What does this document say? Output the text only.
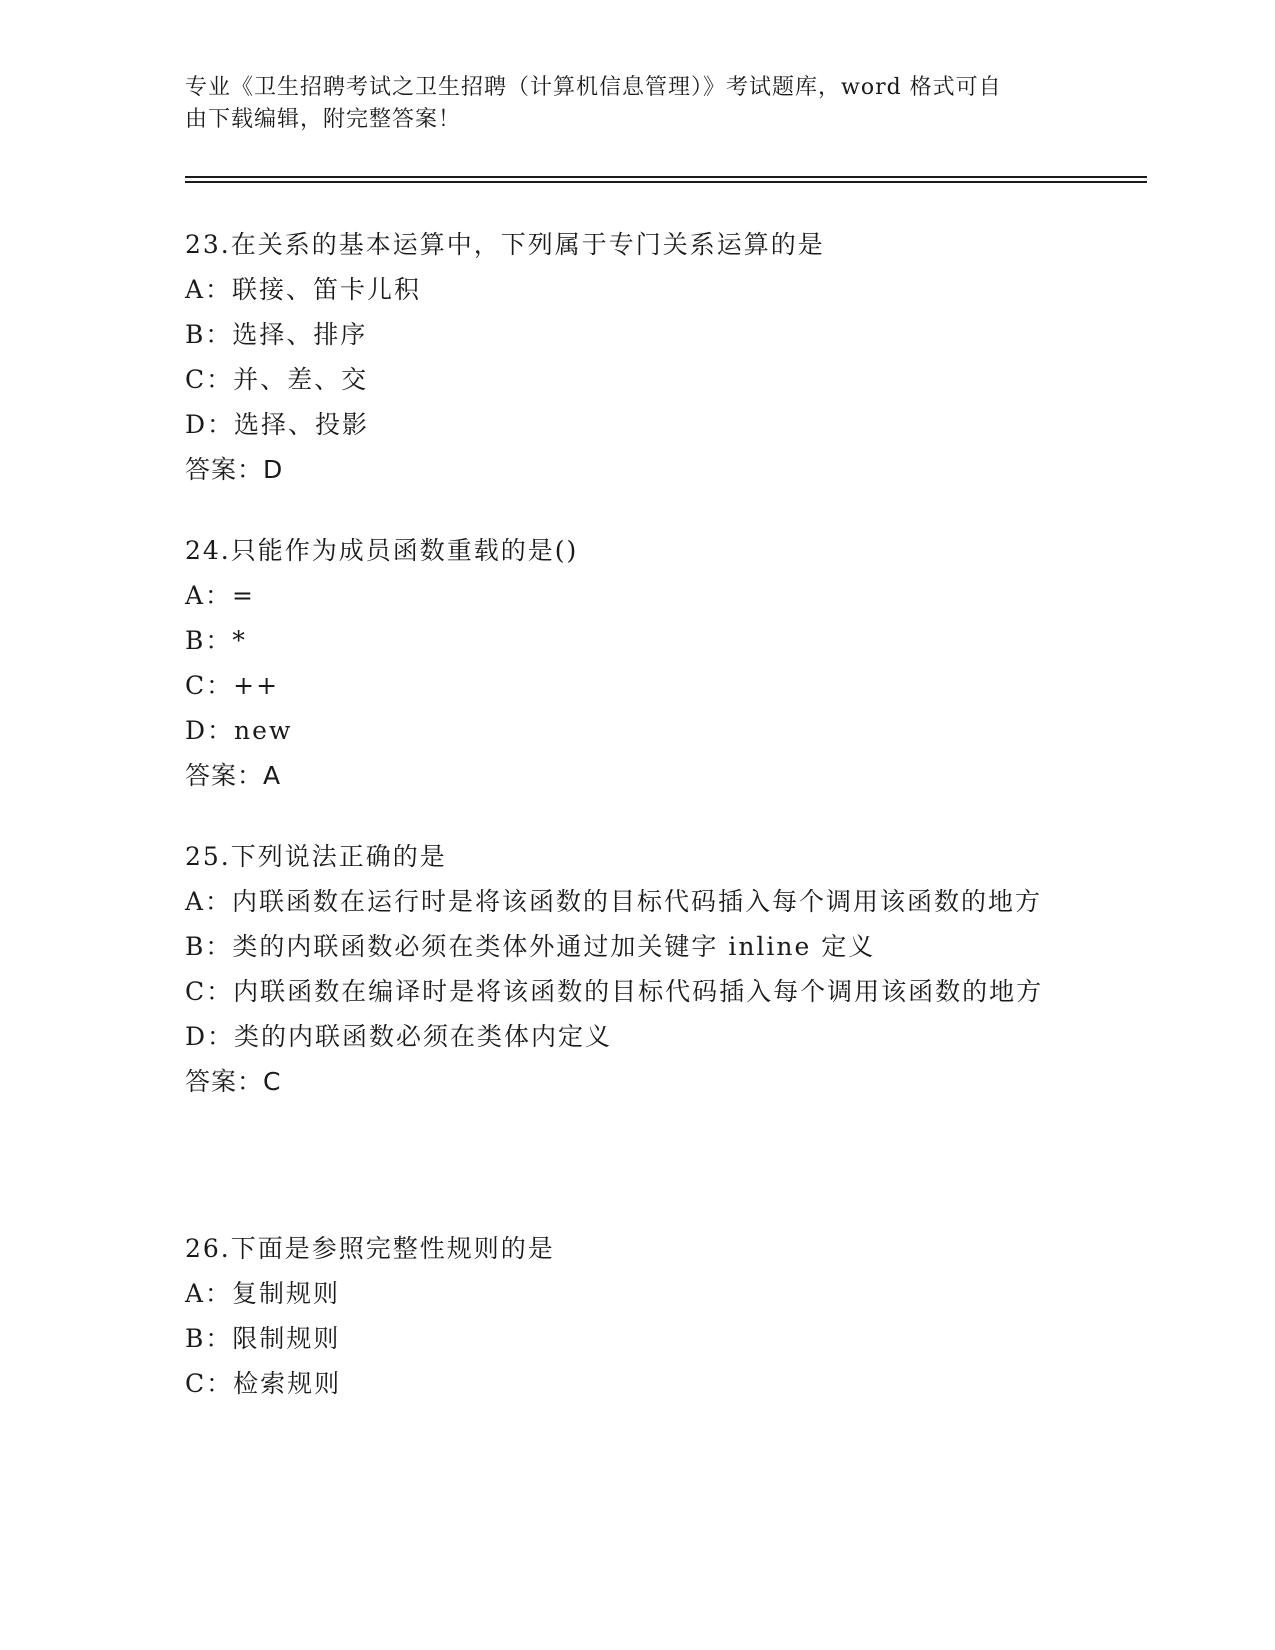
专业《卫生招聘考试之卫生招聘（计算机信息管理）》考试题库，word 格式可自
由下载编辑，附完整答案！
23.在关系的基本运算中，下列属于专门关系运算的是
A：联接、笛卡儿积
B：选择、排序
C：并、差、交
D：选择、投影
答案：D
24.只能作为成员函数重载的是()
A：=
B：*
C：++
D：new
答案：A
25.下列说法正确的是
A：内联函数在运行时是将该函数的目标代码插入每个调用该函数的地方
B：类的内联函数必须在类体外通过加关键字 inline 定义
C：内联函数在编译时是将该函数的目标代码插入每个调用该函数的地方
D：类的内联函数必须在类体内定义
答案：C
26.下面是参照完整性规则的是
A：复制规则
B：限制规则
C：检索规则
